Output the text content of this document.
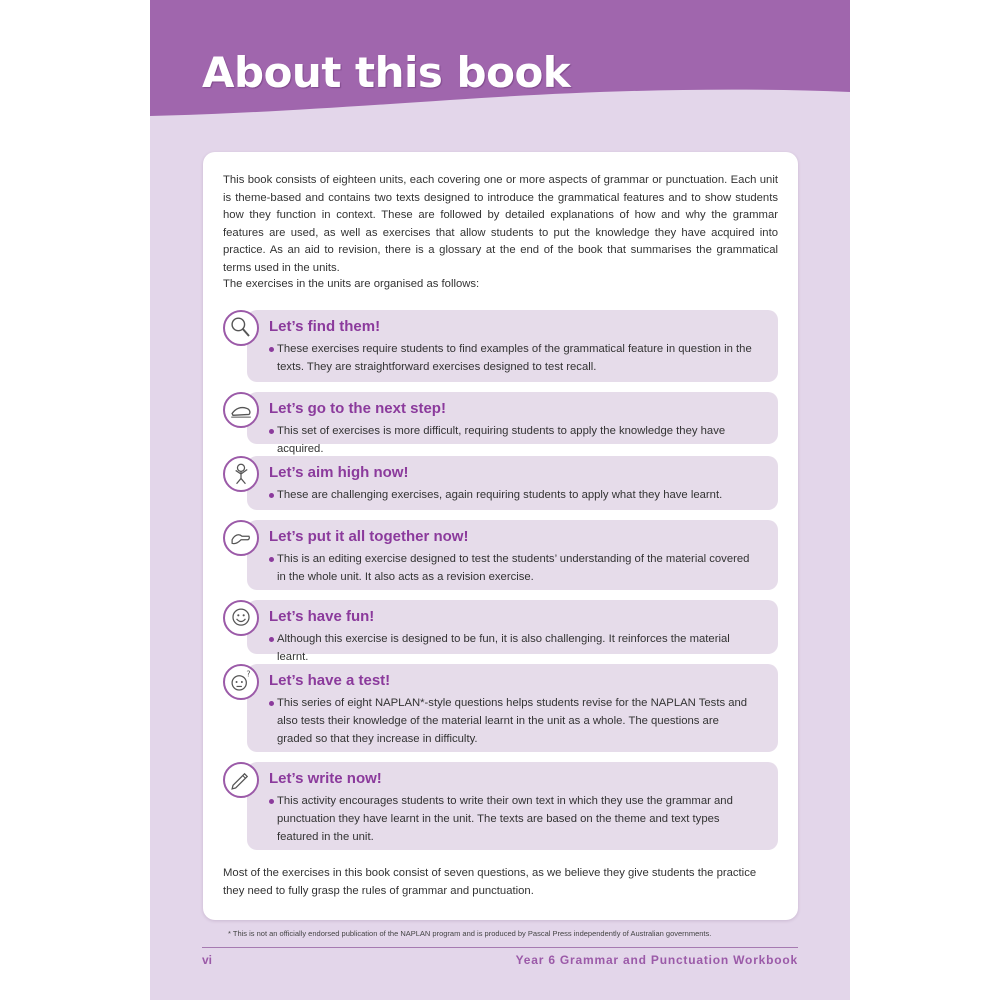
About this book

This book consists of eighteen units, each covering one or more aspects of grammar or punctuation. Each unit is theme-based and contains two texts designed to introduce the grammatical features and to show students how they function in context. These are followed by detailed explanations of how and why the grammar features are used, as well as exercises that allow students to put the knowledge they have acquired into practice. As an aid to revision, there is a glossary at the end of the book that summarises the grammatical terms used in the units.

The exercises in the units are organised as follows:

Let’s find them!

These exercises require students to find examples of the grammatical feature in question in the texts. They are straightforward exercises designed to test recall.

Let’s go to the next step!

This set of exercises is more difficult, requiring students to apply the knowledge they have acquired.

Let’s aim high now!

These are challenging exercises, again requiring students to apply what they have learnt.

Let’s put it all together now!

This is an editing exercise designed to test the students’ understanding of the material covered in the whole unit. It also acts as a revision exercise.

Let’s have fun!

Although this exercise is designed to be fun, it is also challenging. It reinforces the material learnt.

? Let’s have a test!

This series of eight NAPLAN*-style questions helps students revise for the NAPLAN Tests and also tests their knowledge of the material learnt in the unit as a whole. The questions are graded so that they increase in difficulty.

Let’s write now!

This activity encourages students to write their own text in which they use the grammar and punctuation they have learnt in the unit. The texts are based on the theme and text types featured in the unit.

Most of the exercises in this book consist of seven questions, as we believe they give students the practice they need to fully grasp the rules of grammar and punctuation.

* This is not an officially endorsed publication of the NAPLAN program and is produced by Pascal Press independently of Australian governments.

vi	Year 6 Grammar and Punctuation Workbook
